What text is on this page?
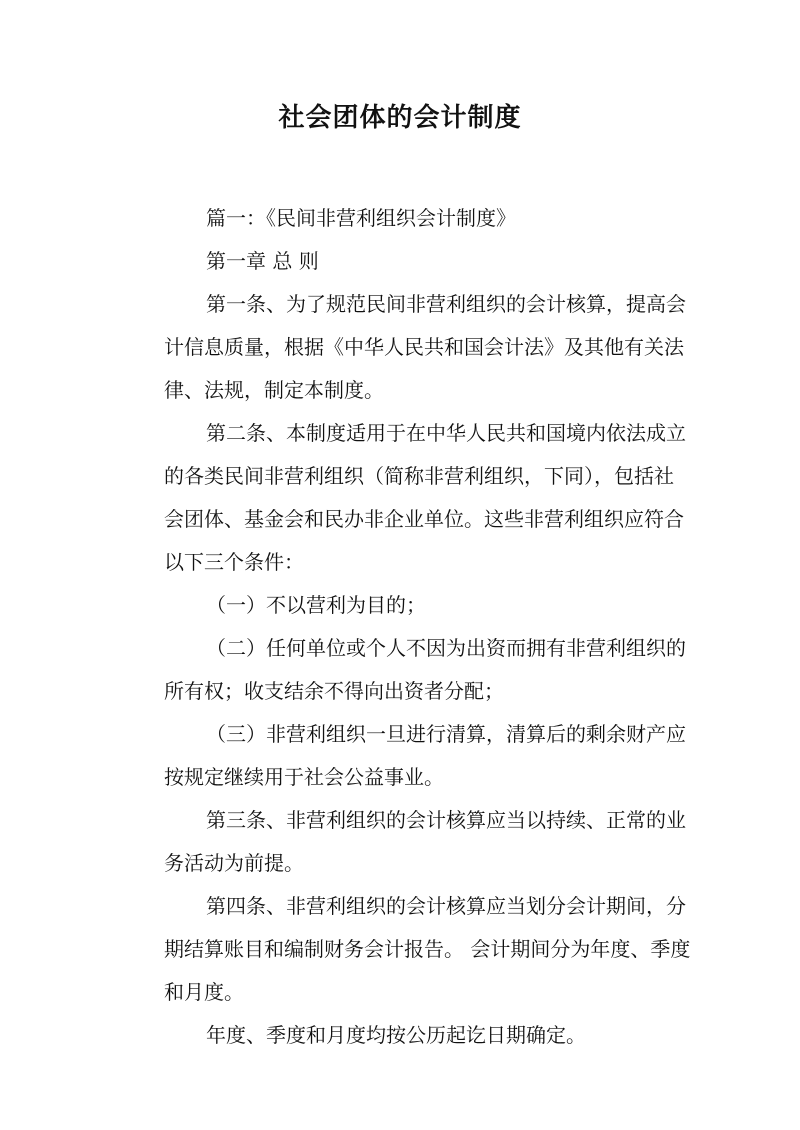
社会团体的会计制度
篇一：《民间非营利组织会计制度》
第一章 总 则
第一条、为了规范民间非营利组织的会计核算，提高会
计信息质量，根据《中华人民共和国会计法》及其他有关法
律、法规，制定本制度。
第二条、本制度适用于在中华人民共和国境内依法成立
的各类民间非营利组织（简称非营利组织，下同），包括社
会团体、基金会和民办非企业单位。这些非营利组织应符合
以下三个条件：
（一）不以营利为目的；
（二）任何单位或个人不因为出资而拥有非营利组织的
所有权；收支结余不得向出资者分配；
（三）非营利组织一旦进行清算，清算后的剩余财产应
按规定继续用于社会公益事业。
第三条、非营利组织的会计核算应当以持续、正常的业
务活动为前提。
第四条、非营利组织的会计核算应当划分会计期间，分
期结算账目和编制财务会计报告。 会计期间分为年度、季度
和月度。
年度、季度和月度均按公历起讫日期确定。
